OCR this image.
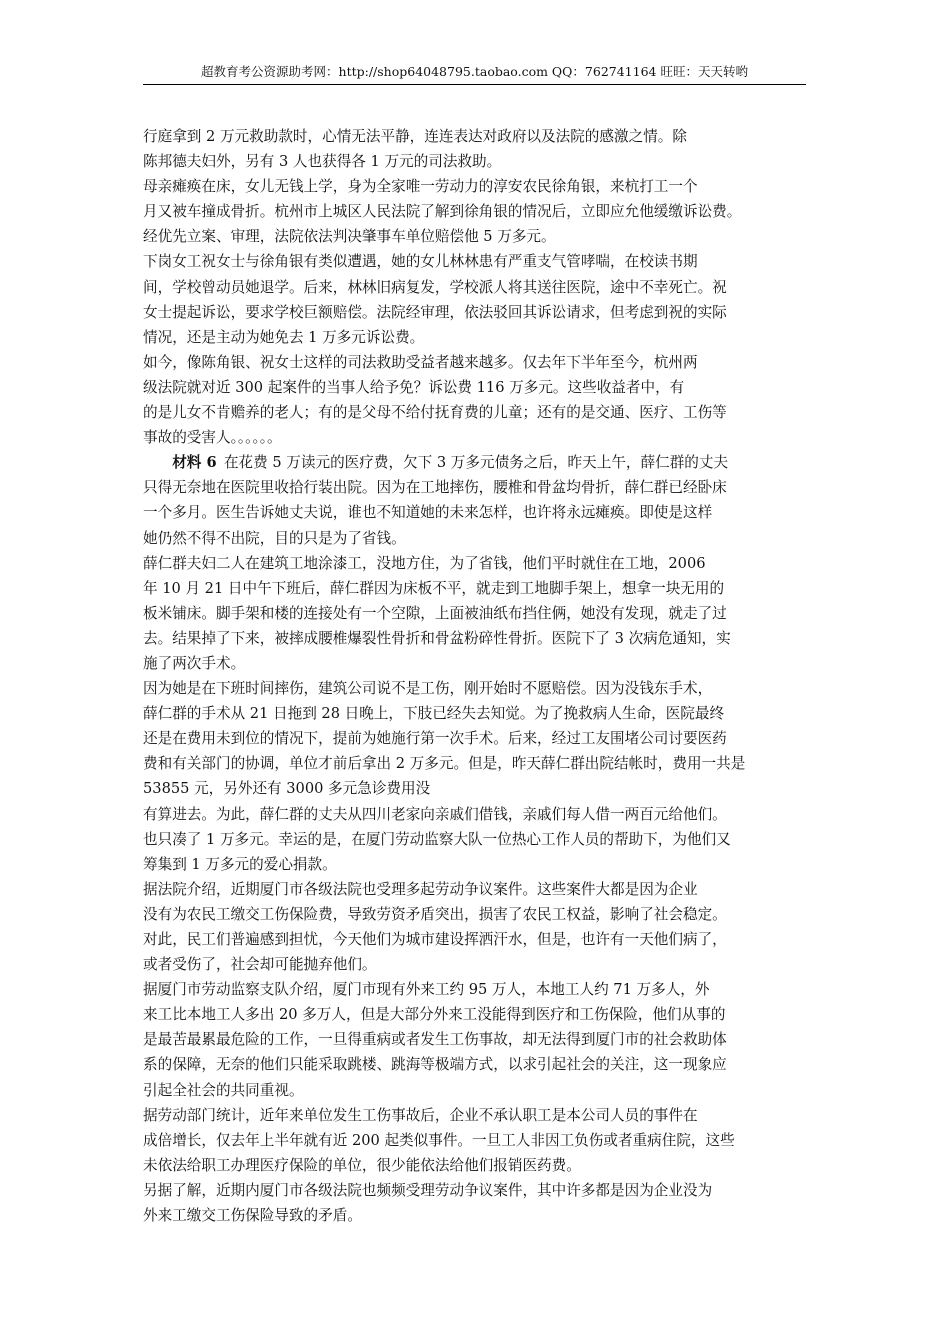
超教育考公资源助考网：http://shop64048795.taobao.com QQ：762741164 旺旺：天天转哟
行庭拿到 2 万元救助款时，心情无法平静，连连表达对政府以及法院的感激之情。除
陈邦德夫妇外，另有 3 人也获得各 1 万元的司法救助。
母亲瘫痪在床，女儿无钱上学，身为全家唯一劳动力的淳安农民徐角银，来杭打工一个
月又被车撞成骨折。杭州市上城区人民法院了解到徐角银的情况后，立即应允他缓缴诉讼费。
经优先立案、审理，法院依法判决肇事车单位赔偿他 5 万多元。
下岗女工祝女士与徐角银有类似遭遇，她的女儿林林患有严重支气管哮喘，在校读书期
间，学校曾动员她退学。后来，林林旧病复发，学校派人将其送往医院，途中不幸死亡。祝
女士提起诉讼，要求学校巨额赔偿。法院经审理，依法驳回其诉讼请求，但考虑到祝的实际
情况，还是主动为她免去 1 万多元诉讼费。
如今，像陈角银、祝女士这样的司法救助受益者越来越多。仅去年下半年至今，杭州两
级法院就对近 300 起案件的当事人给予免？诉讼费 116 万多元。这些收益者中，有
的是儿女不肯赡养的老人；有的是父母不给付抚育费的儿童；还有的是交通、医疗、工伤等
事故的受害人。。。。。。
　　材料 6  在花费 5 万读元的医疗费，欠下 3 万多元债务之后，昨天上午，薛仁群的丈夫
只得无奈地在医院里收拾行装出院。因为在工地摔伤，腰椎和骨盆均骨折，薛仁群已经卧床
一个多月。医生告诉她丈夫说，谁也不知道她的未来怎样，也许将永远瘫痪。即使是这样
她仍然不得不出院，目的只是为了省钱。
薛仁群夫妇二人在建筑工地涂漆工，没地方住，为了省钱，他们平时就住在工地，2006
年 10 月 21 日中午下班后，薛仁群因为床板不平，就走到工地脚手架上，想拿一块无用的
板米铺床。脚手架和楼的连接处有一个空隙，上面被油纸布挡住俩，她没有发现，就走了过
去。结果掉了下来，被摔成腰椎爆裂性骨折和骨盆粉碎性骨折。医院下了 3 次病危通知，实
施了两次手术。
因为她是在下班时间摔伤，建筑公司说不是工伤，刚开始时不愿赔偿。因为没钱东手术，
薛仁群的手术从 21 日拖到 28 日晚上，下肢已经失去知觉。为了挽救病人生命，医院最终
还是在费用未到位的情况下，提前为她施行第一次手术。后来，经过工友围堵公司讨要医药
费和有关部门的协调，单位才前后拿出 2 万多元。但是，昨天薛仁群出院结帐时，费用一共是
53855 元，另外还有 3000 多元急诊费用没
有算进去。为此，薛仁群的丈夫从四川老家向亲戚们借钱，亲戚们每人借一两百元给他们。
也只凑了 1 万多元。幸运的是，在厦门劳动监察大队一位热心工作人员的帮助下，为他们又
筹集到 1 万多元的爱心捐款。
据法院介绍，近期厦门市各级法院也受理多起劳动争议案件。这些案件大都是因为企业
没有为农民工缴交工伤保险费，导致劳资矛盾突出，损害了农民工权益，影响了社会稳定。
对此，民工们普遍感到担忧，今天他们为城市建设挥洒汗水，但是，也许有一天他们病了，
或者受伤了，社会却可能抛弃他们。
据厦门市劳动监察支队介绍，厦门市现有外来工约 95 万人，本地工人约 71 万多人，外
来工比本地工人多出 20 多万人，但是大部分外来工没能得到医疗和工伤保险，他们从事的
是最苦最累最危险的工作，一旦得重病或者发生工伤事故，却无法得到厦门市的社会救助体
系的保障，无奈的他们只能采取跳楼、跳海等极端方式，以求引起社会的关注，这一现象应
引起全社会的共同重视。
据劳动部门统计，近年来单位发生工伤事故后，企业不承认职工是本公司人员的事件在
成倍增长，仅去年上半年就有近 200 起类似事件。一旦工人非因工负伤或者重病住院，这些
未依法给职工办理医疗保险的单位，很少能依法给他们报销医药费。
另据了解，近期内厦门市各级法院也频频受理劳动争议案件，其中许多都是因为企业没为
外来工缴交工伤保险导致的矛盾。
